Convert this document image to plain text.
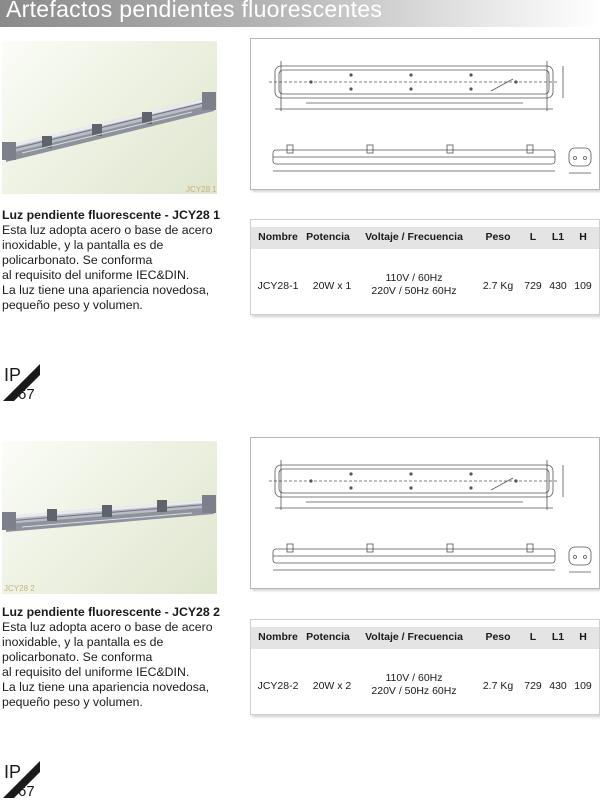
Artefactos pendientes fluorescentes
JCY28 1
Luz pendiente fluorescente - JCY28 1
Esta luz adopta acero o base de acero
inoxidable, y la pantalla es de
policarbonato. Se conforma
al requisito del uniforme IEC&DIN.
La luz tiene una apariencia novedosa,
pequeño peso y volumen.
Nombre Potencia	Voltaje / Frecuencia	Peso	L	L1	H
JCY28-1	20W x 1
110V / 60Hz
220V / 50Hz 60Hz	2.7 Kg	729 430 109
IP
67
JCY28 2
Luz pendiente fluorescente - JCY28 2
Esta luz adopta acero o base de acero
inoxidable, y la pantalla es de
policarbonato. Se conforma
al requisito del uniforme IEC&DIN.
La luz tiene una apariencia novedosa,
pequeño peso y volumen.
Nombre Potencia	Voltaje / Frecuencia	Peso	L	L1	H
JCY28-2	20W x 2
110V / 60Hz
220V / 50Hz 60Hz	2.7 Kg	729 430 109
IP
67
